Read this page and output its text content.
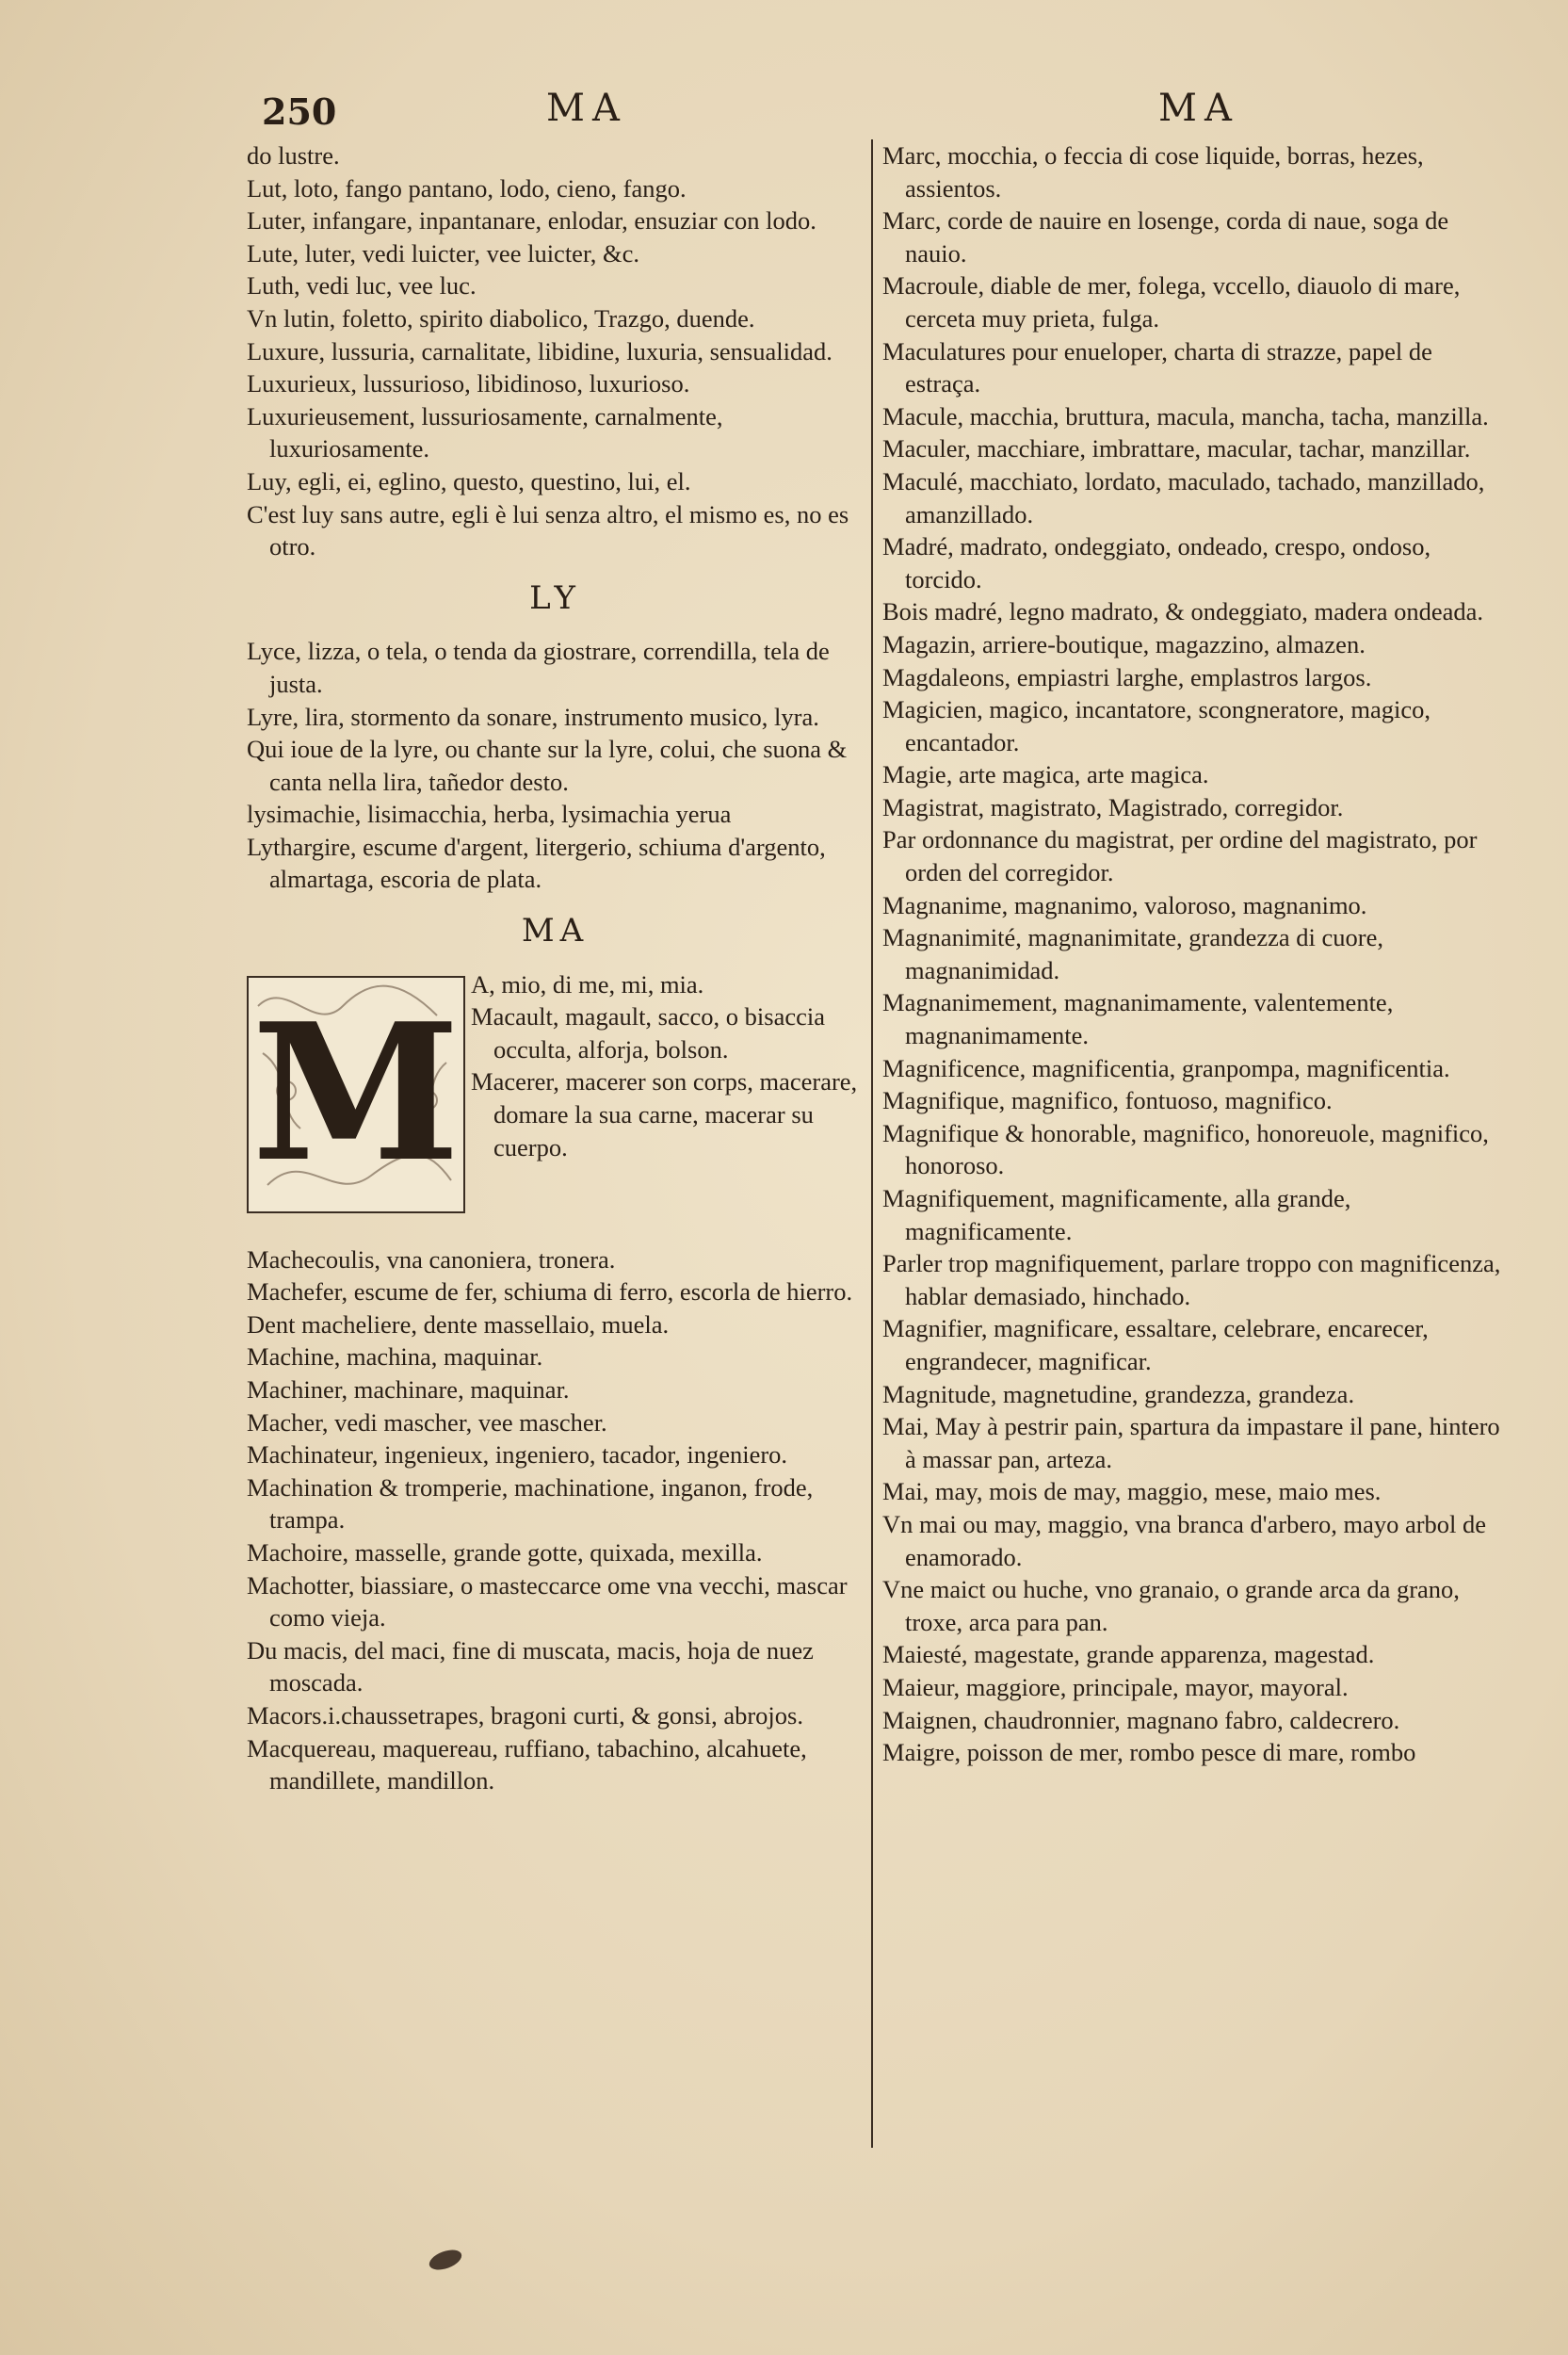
250	MA	MA
do lustre.
Lut, loto, fango pantano, lodo, cieno, fango.
Luter, infangare, inpantanare, enlodar, ensuziar con lodo.
Lute, luter, vedi luicter, vee luicter, &c.
Luth, vedi luc, vee luc.
Vn lutin, foletto, spirito diabolico, Trazgo, duende.
Luxure, lussuria, carnalitate, libidine, luxuria, sensualidad.
Luxurieux, lussurioso, libidinoso, luxurioso.
Luxurieusement, lussuriosamente, carnalmente, luxuriosamente.
Luy, egli, ei, eglino, questo, questino, lui, el.
C'est luy sans autre, egli è lui senza altro, el mismo es, no es otro.
LY
Lyce, lizza, o tela, o tenda da giostrare, correndilla, tela de justa.
Lyre, lira, stormento da sonare, instrumento musico, lyra.
Qui ioue de la lyre, ou chante sur la lyre, colui, che suona & canta nella lira, tañedor desto.
lysimachie, lisimacchia, herba, lysimachia yerua
Lythargire, escume d'argent, litergerio, schiuma d'argento, almartaga, escoria de plata.
MA
M A, mio, di me, mi, mia.
Macault, magault, sacco, o bisaccia occulta, alforja, bolson.
Macerer, macerer son corps, macerare, domare la sua carne, macerar su cuerpo.
Machecoulis, vna canoniera, tronera.
Machefer, escume de fer, schiuma di ferro, escorla de hierro.
Dent macheliere, dente massellaio, muela.
Machine, machina, maquinar.
Machiner, machinare, maquinar.
Macher, vedi mascher, vee mascher.
Machinateur, ingenieux, ingeniero, tacador, ingeniero.
Machination & tromperie, machinatione, inganon, frode, trampa.
Machoire, masselle, grande gotte, quixada, mexilla.
Machotter, biassiare, o masteccarce ome vna vecchi, mascar como vieja.
Du macis, del maci, fine di muscata, macis, hoja de nuez moscada.
Macors.i.chaussetrapes, bragoni curti, & gonsi, abrojos.
Macquereau, maquereau, ruffiano, tabachino, alcahuete, mandillete, mandillon.
Marc, mocchia, o feccia di cose liquide, borras, hezes, assientos.
Marc, corde de nauire en losenge, corda di naue, soga de nauio.
Macroule, diable de mer, folega, vccello, diauolo di mare, cerceta muy prieta, fulga.
Maculatures pour enueloper, charta di strazze, papel de estraça.
Macule, macchia, bruttura, macula, mancha, tacha, manzilla.
Maculer, macchiare, imbrattare, macular, tachar, manzillar.
Maculé, macchiato, lordato, maculado, tachado, manzillado, amanzillado.
Madré, madrato, ondeggiato, ondeado, crespo, ondoso, torcido.
Bois madré, legno madrato, & ondeggiato, madera ondeada.
Magazin, arriere-boutique, magazzino, almazen.
Magdaleons, empiastri larghe, emplastros largos.
Magicien, magico, incantatore, scongneratore, magico, encantador.
Magie, arte magica, arte magica.
Magistrat, magistrato, Magistrado, corregidor.
Par ordonnance du magistrat, per ordine del magistrato, por orden del corregidor.
Magnanime, magnanimo, valoroso, magnanimo.
Magnanimité, magnanimitate, grandezza di cuore, magnanimidad.
Magnanimement, magnanimamente, valentemente, magnanimamente.
Magnificence, magnificentia, granpompa, magnificentia.
Magnifique, magnifico, fontuoso, magnifico.
Magnifique & honorable, magnifico, honoreuole, magnifico, honoroso.
Magnifiquement, magnificamente, alla grande, magnificamente.
Parler trop magnifiquement, parlare troppo con magnificenza, hablar demasiado, hinchado.
Magnifier, magnificare, essaltare, celebrare, encarecer, engrandecer, magnificar.
Magnitude, magnetudine, grandezza, grandeza.
Mai, May à pestrir pain, spartura da impastare il pane, hintero à massar pan, arteza.
Mai, may, mois de may, maggio, mese, maio mes.
Vn mai ou may, maggio, vna branca d'arbero, mayo arbol de enamorado.
Vne maict ou huche, vno granaio, o grande arca da grano, troxe, arca para pan.
Maiesté, magestate, grande apparenza, magestad.
Maieur, maggiore, principale, mayor, mayoral.
Maignen, chaudronnier, magnano fabro, caldecrero.
Maigre, poisson de mer, rombo pesce di mare, rombo
